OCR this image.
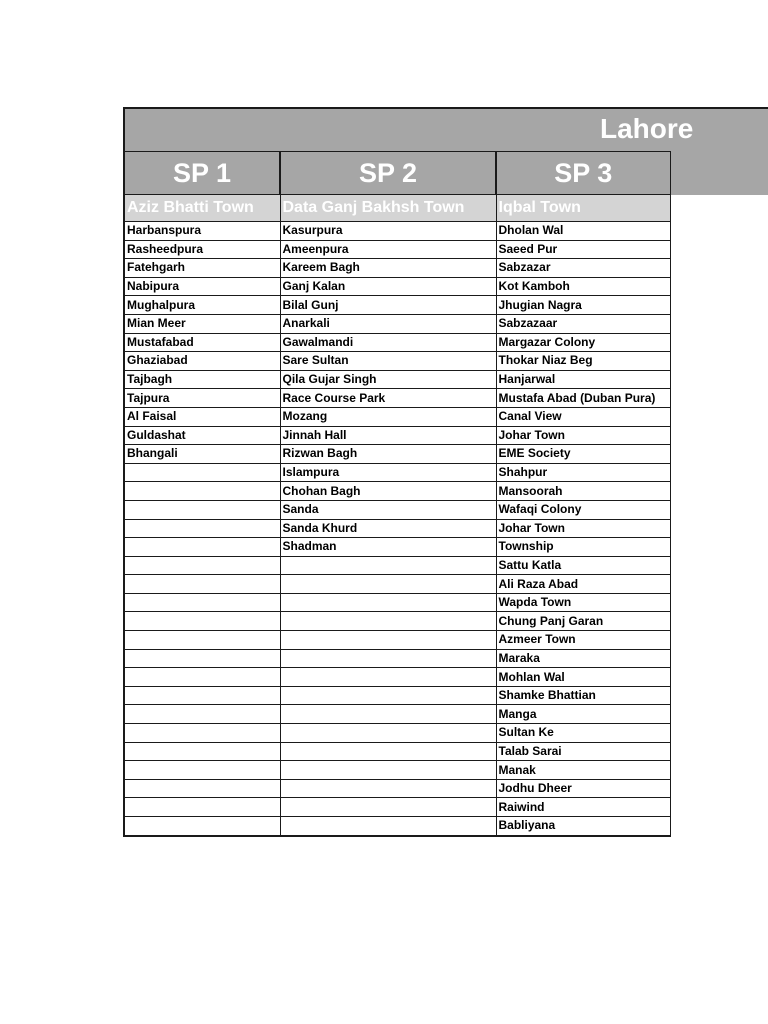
Lahore
SP 1	SP 2	SP 3
Aziz Bhatti Town	Data Ganj Bakhsh Town	Iqbal Town
Harbanspura	Kasurpura	Dholan Wal
Rasheedpura	Ameenpura	Saeed Pur
Fatehgarh	Kareem Bagh	Sabzazar
Nabipura	Ganj Kalan	Kot Kamboh
Mughalpura	Bilal Gunj	Jhugian Nagra
Mian Meer	Anarkali	Sabzazaar
Mustafabad	Gawalmandi	Margazar Colony
Ghaziabad	Sare Sultan	Thokar Niaz Beg
Tajbagh	Qila Gujar Singh	Hanjarwal
Tajpura	Race Course Park	Mustafa Abad (Duban Pura)
Al Faisal	Mozang	Canal View
Guldashat	Jinnah Hall	Johar Town
Bhangali	Rizwan Bagh	EME Society
	Islampura	Shahpur
	Chohan Bagh	Mansoorah
	Sanda	Wafaqi Colony
	Sanda Khurd	Johar Town
	Shadman	Township
		Sattu Katla
		Ali Raza Abad
		Wapda Town
		Chung Panj Garan
		Azmeer Town
		Maraka
		Mohlan Wal
		Shamke Bhattian
		Manga
		Sultan Ke
		Talab Sarai
		Manak
		Jodhu Dheer
		Raiwind
		Babliyana
